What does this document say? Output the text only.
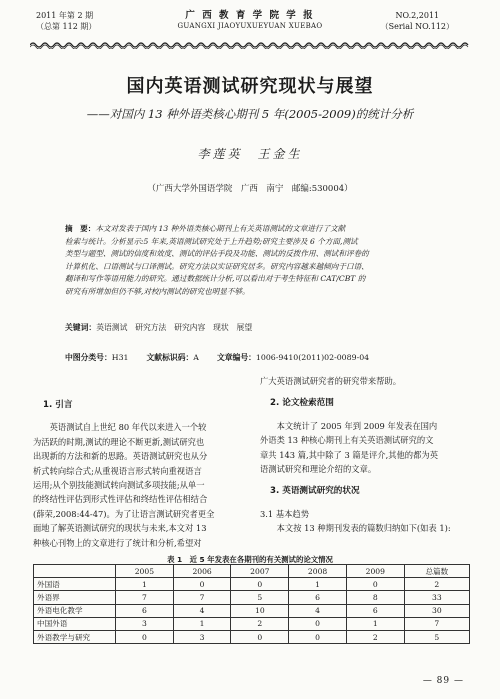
2011 年第 2 期
（总第 112 期）
广 西 教 育 学 院 学 报
GUANGXI JIAOYUXUEYUAN XUEBAO
NO.2,2011
（Serial NO.112）
国内英语测试研究现状与展望
——对国内 13 种外语类核心期刊 5 年(2005-2009)的统计分析
李莲英　王金生
（广西大学外国语学院　广西　南宁　邮编:530004）
摘　要：本文对发表于国内 13 种外语类核心期刊上有关英语测试的文章进行了文献
检索与统计。分析显示:5 年来,英语测试研究处于上升趋势;研究主要涉及 6 个方面,测试
类型与题型、测试的信度和效度、测试的评估手段及功能、测试的反拨作用、测试和评卷的
计算机化、口语测试与口译测试。研究方法以实证研究居多。研究内容越来越倾向于口语、
翻译和写作等语用能力的研究。通过数据统计分析,可以看出对于考生特征和 CAT/CBT 的
研究有所增加但仍不够,对校内测试的研究也明显不够。
关键词：英语测试　研究方法　研究内容　现状　展望
中图分类号：H31 文献标识码：A 文章编号：1006-9410(2011)02-0089-04
1. 引言
英语测试自上世纪 80 年代以来进入一个较
为活跃的时期,测试的理论不断更新,测试研究也
出现新的方法和新的思路。英语测试研究也从分
析式转向综合式;从重视语言形式转向重视语言
运用;从个别技能测试转向测试多项技能;从单一
的终结性评估到形式性评估和终结性评估相结合
(薛荣,2008:44-47)。为了让语言测试研究者更全
面地了解英语测试研究的现状与未来,本文对 13
种核心刊物上的文章进行了统计和分析,希望对
广大英语测试研究者的研究带来帮助。
2. 论文检索范围
本文统计了 2005 年到 2009 年发表在国内
外语类 13 种核心期刊上有关英语测试研究的文
章共 143 篇,其中除了 3 篇是评介,其他的都为英
语测试研究和理论介绍的文章。
3. 英语测试研究的状况
3.1 基本趋势
本文按 13 种期刊发表的篇数归纳如下(如表 1):
表 1　近 5 年发表在各期刊的有关测试的论文情况
	2005	2006	2007	2008	2009	总篇数
外国语	1	0	0	1	0	2
外语界	7	7	5	6	8	33
外语电化教学	6	4	10	4	6	30
中国外语	3	1	2	0	1	7
外语教学与研究	0	3	0	0	2	5
— 89 —
